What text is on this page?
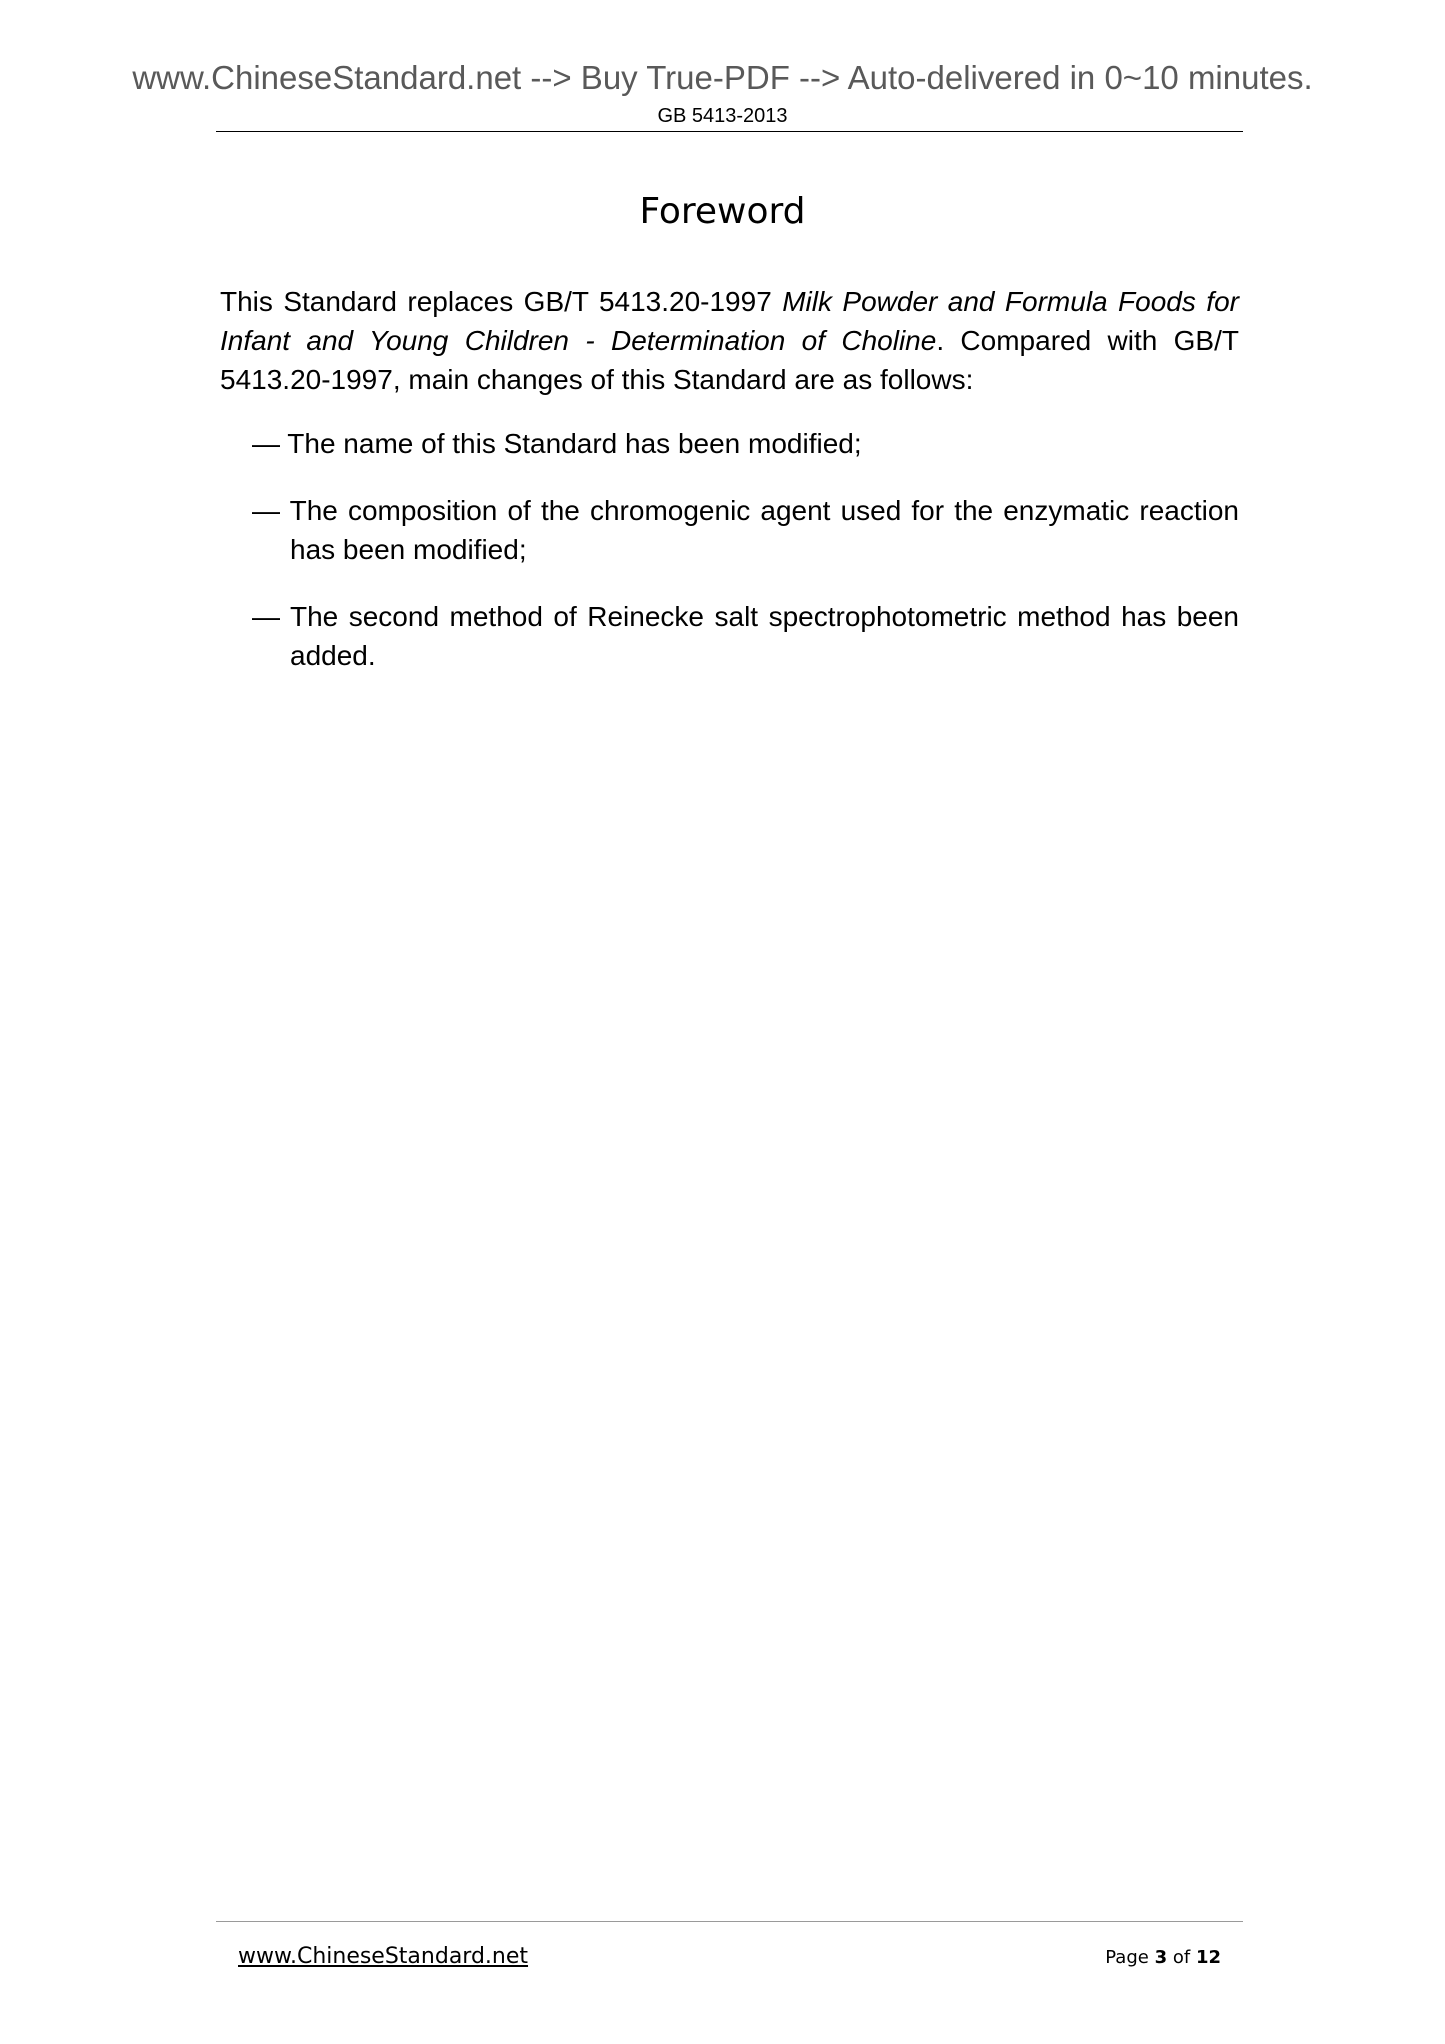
www.ChineseStandard.net --> Buy True-PDF --> Auto-delivered in 0~10 minutes.
GB 5413-2013
Foreword

This Standard replaces GB/T 5413.20-1997 Milk Powder and Formula Foods for Infant and Young Children - Determination of Choline. Compared with GB/T 5413.20-1997, main changes of this Standard are as follows:

— The name of this Standard has been modified;
— The composition of the chromogenic agent used for the enzymatic reaction has been modified;
— The second method of Reinecke salt spectrophotometric method has been added.
www.ChineseStandard.net	Page 3 of 12
